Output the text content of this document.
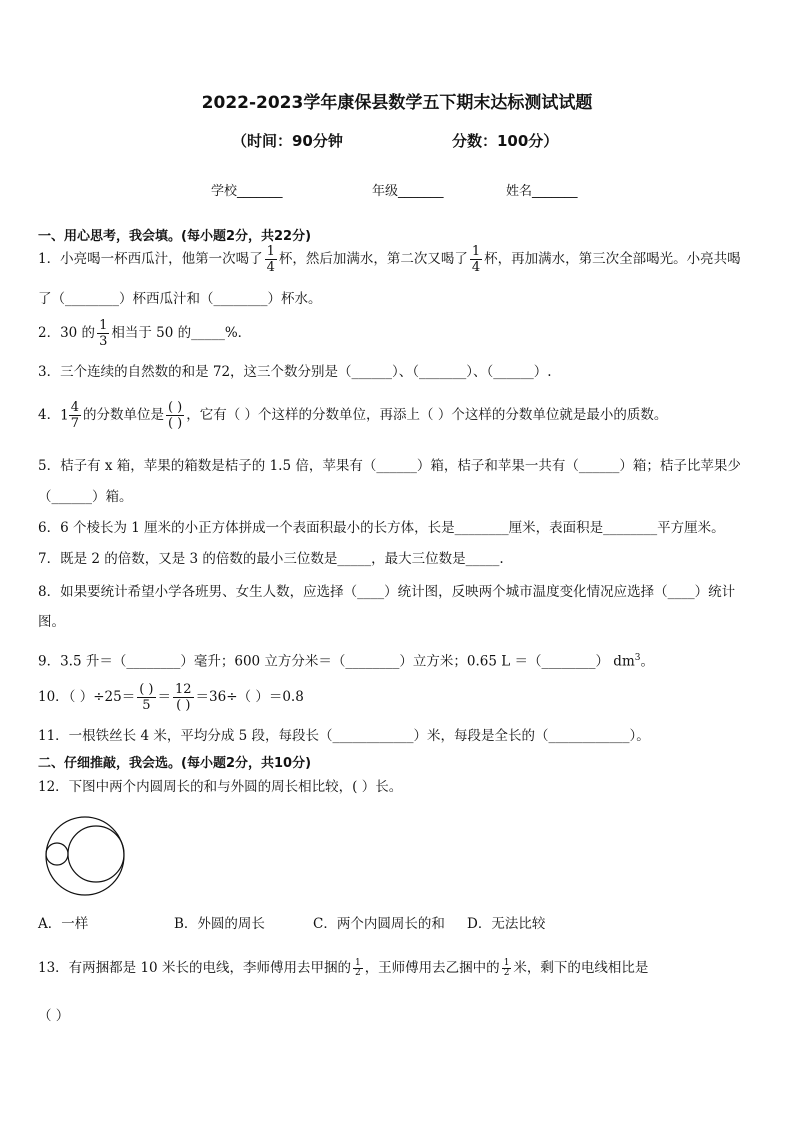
2022-2023学年康保县数学五下期末达标测试试题
（时间：90分钟	分数：100分）
学校_______	年级_______	姓名_______
一、用心思考，我会填。(每小题2分，共22分)
1．小亮喝一杯西瓜汁，他第一次喝了 $\frac{1}{4}$ 杯，然后加满水，第二次又喝了 $\frac{1}{4}$ 杯，再加满水，第三次全部喝光。小亮共喝
了（________）杯西瓜汁和（________）杯水。
2．30 的 $\frac{1}{3}$ 相当于 50 的_____%．
3．三个连续的自然数的和是 72，这三个数分别是（______）、（_______）、（______）.
4．$1 \frac{4}{7}$ 的分数单位是 $\frac{( )}{( )}$ ，它有（ ）个这样的分数单位，再添上（ ）个这样的分数单位就是最小的质数。
5．桔子有 x 箱，苹果的箱数是桔子的 1.5 倍，苹果有（______）箱，桔子和苹果一共有（______）箱；桔子比苹果少
（______）箱。
6．6 个棱长为 1 厘米的小正方体拼成一个表面积最小的长方体，长是________厘米，表面积是________平方厘米。
7．既是 2 的倍数，又是 3 的倍数的最小三位数是_____，最大三位数是_____.
8．如果要统计希望小学各班男、女生人数，应选择（____）统计图，反映两个城市温度变化情况应选择（____）统计
图。
9．3.5 升＝（________）毫升；600 立方分米＝（________）立方米；0.65 L ＝（________） $dm^3$。
10．（ ）$\div 25= \frac{( )}{5} = \frac{12}{( )} =36\div$（ ）＝0.8
11．一根铁丝长 4 米，平均分成 5 段，每段长（____________）米，每段是全长的（____________）。
二、仔细推敲，我会选。(每小题2分，共10分)
12．下图中两个内圆周长的和与外圆的周长相比较，( ）长。
A．一样	B．外圆的周长	C．两个内圆周长的和 D．无法比较
13．有两捆都是 10 米长的电线，李师傅用去甲捆的 $\frac{1}{2}$ ，王师傅用去乙捆中的 $\frac{1}{2}$ 米，剩下的电线相比是
（ ）
